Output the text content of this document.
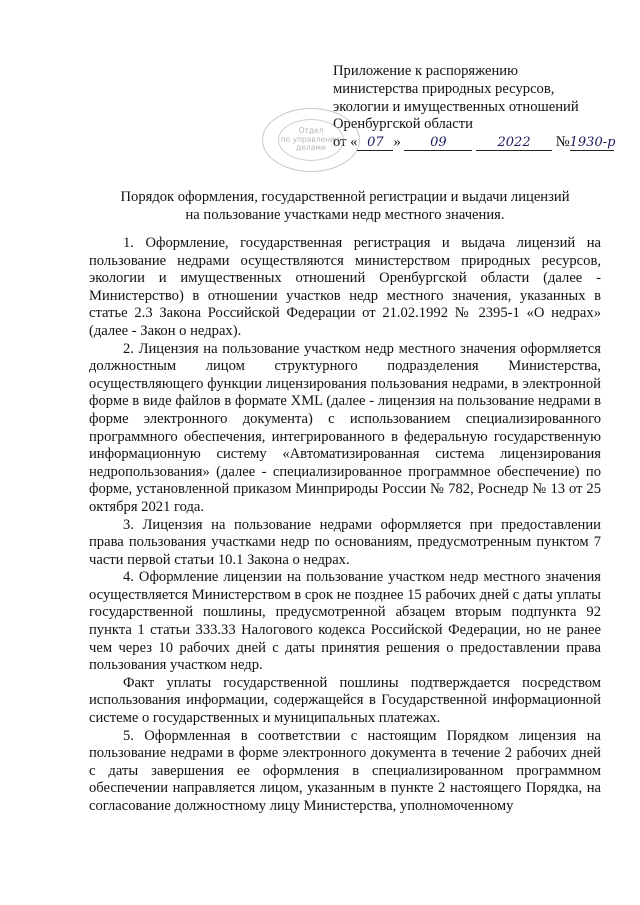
Приложение к распоряжению
министерства природных ресурсов,
экологии и имущественных отношений
Оренбургской области
от « 07 » 09	2022 №1930-р
Отдел
по управлению
делами
Порядок оформления, государственной регистрации и выдачи лицензий
на пользование участками недр местного значения.

1. Оформление, государственная регистрация и выдача лицензий на пользование недрами осуществляются министерством природных ресурсов, экологии и имущественных отношений Оренбургской области (далее - Министерство) в отношении участков недр местного значения, указанных в статье 2.3 Закона Российской Федерации от 21.02.1992 № 2395-1 «О недрах» (далее - Закон о недрах).

2. Лицензия на пользование участком недр местного значения оформляется должностным лицом структурного подразделения Министерства, осуществляющего функции лицензирования пользования недрами, в электронной форме в виде файлов в формате XML (далее - лицензия на пользование недрами в форме электронного документа) с использованием специализированного программного обеспечения, интегрированного в федеральную государственную информационную систему «Автоматизированная система лицензирования недропользования» (далее - специализированное программное обеспечение) по форме, установленной приказом Минприроды России № 782, Роснедр № 13 от 25 октября 2021 года.

3. Лицензия на пользование недрами оформляется при предоставлении права пользования участками недр по основаниям, предусмотренным пунктом 7 части первой статьи 10.1 Закона о недрах.

4. Оформление лицензии на пользование участком недр местного значения осуществляется Министерством в срок не позднее 15 рабочих дней с даты уплаты государственной пошлины, предусмотренной абзацем вторым подпункта 92 пункта 1 статьи 333.33 Налогового кодекса Российской Федерации, но не ранее чем через 10 рабочих дней с даты принятия решения о предоставлении права пользования участком недр.

Факт уплаты государственной пошлины подтверждается посредством использования информации, содержащейся в Государственной информационной системе о государственных и муниципальных платежах.

5. Оформленная в соответствии с настоящим Порядком лицензия на пользование недрами в форме электронного документа в течение 2 рабочих дней с даты завершения ее оформления в специализированном программном обеспечении направляется лицом, указанным в пункте 2 настоящего Порядка, на согласование должностному лицу Министерства, уполномоченному
